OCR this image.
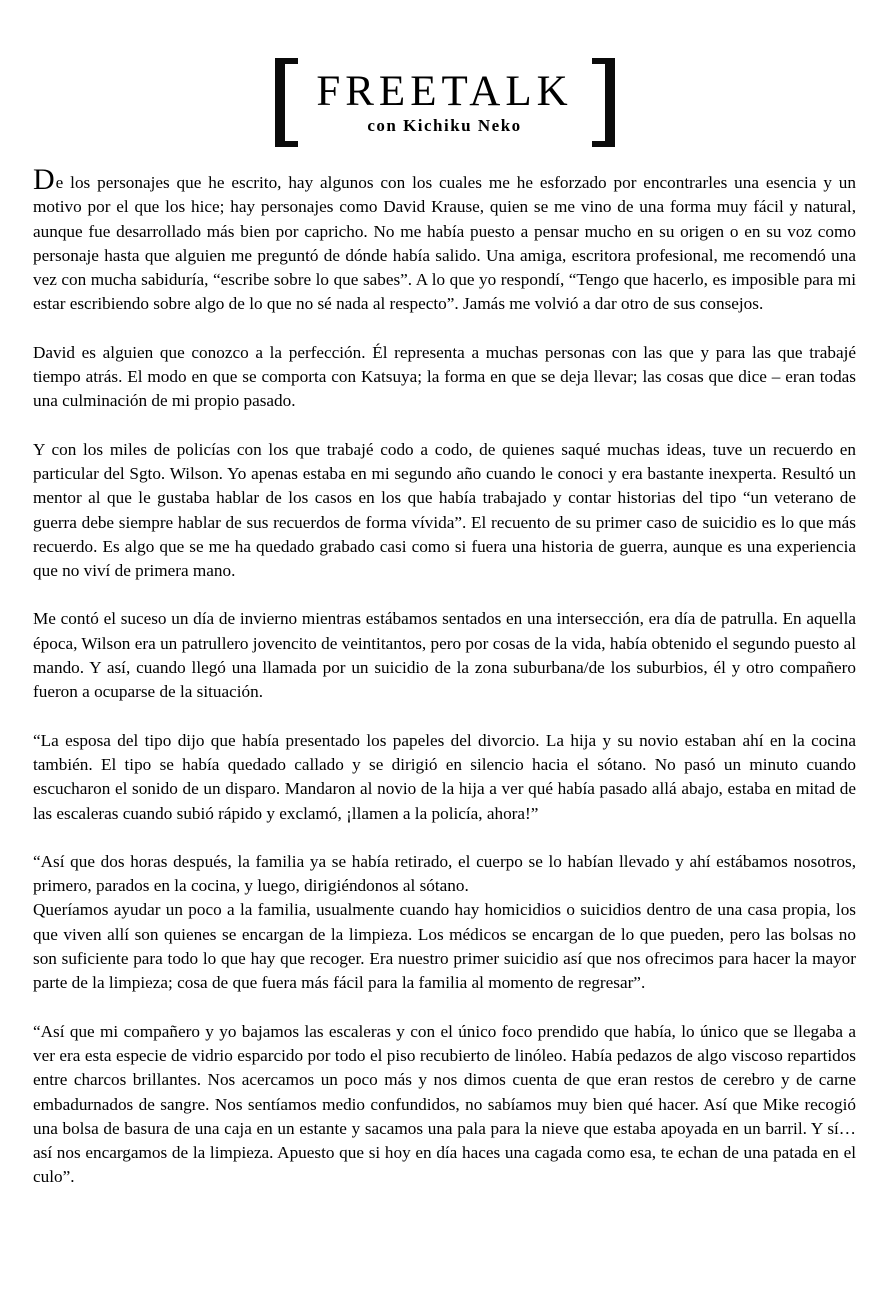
FREETALK
con Kichiku Neko

De los personajes que he escrito, hay algunos con los cuales me he esforzado por encontrarles una esencia y un motivo por el que los hice; hay personajes como David Krause, quien se me vino de una forma muy fácil y natural, aunque fue desarrollado más bien por capricho. No me había puesto a pensar mucho en su origen o en su voz como personaje hasta que alguien me preguntó de dónde había salido. Una amiga, escritora profesional, me recomendó una vez con mucha sabiduría, “escribe sobre lo que sabes”. A lo que yo respondí, “Tengo que hacerlo, es imposible para mi estar escribiendo sobre algo de lo que no sé nada al respecto”. Jamás me volvió a dar otro de sus consejos.

David es alguien que conozco a la perfección. Él representa a muchas personas con las que y para las que trabajé tiempo atrás. El modo en que se comporta con Katsuya; la forma en que se deja llevar; las cosas que dice – eran todas una culminación de mi propio pasado.

Y con los miles de policías con los que trabajé codo a codo, de quienes saqué muchas ideas, tuve un recuerdo en particular del Sgto. Wilson. Yo apenas estaba en mi segundo año cuando le conoci y era bastante inexperta. Resultó un mentor al que le gustaba hablar de los casos en los que había trabajado y contar historias del tipo “un veterano de guerra debe siempre hablar de sus recuerdos de forma vívida”. El recuento de su primer caso de suicidio es lo que más recuerdo. Es algo que se me ha quedado grabado casi como si fuera una historia de guerra, aunque es una experiencia que no viví de primera mano.

Me contó el suceso un día de invierno mientras estábamos sentados en una intersección, era día de patrulla. En aquella época, Wilson era un patrullero jovencito de veintitantos, pero por cosas de la vida, había obtenido el segundo puesto al mando. Y así, cuando llegó una llamada por un suicidio de la zona suburbana/de los suburbios, él y otro compañero fueron a ocuparse de la situación.

“La esposa del tipo dijo que había presentado los papeles del divorcio. La hija y su novio estaban ahí en la cocina también. El tipo se había quedado callado y se dirigió en silencio hacia el sótano. No pasó un minuto cuando escucharon el sonido de un disparo. Mandaron al novio de la hija a ver qué había pasado allá abajo, estaba en mitad de las escaleras cuando subió rápido y exclamó, ¡llamen a la policía, ahora!”

“Así que dos horas después, la familia ya se había retirado, el cuerpo se lo habían llevado y ahí estábamos nosotros, primero, parados en la cocina, y luego, dirigiéndonos al sótano.

Queríamos ayudar un poco a la familia, usualmente cuando hay homicidios o suicidios dentro de una casa propia, los que viven allí son quienes se encargan de la limpieza. Los médicos se encargan de lo que pueden, pero las bolsas no son suficiente para todo lo que hay que recoger. Era nuestro primer suicidio así que nos ofrecimos para hacer la mayor parte de la limpieza; cosa de que fuera más fácil para la familia al momento de regresar”.

“Así que mi compañero y yo bajamos las escaleras y con el único foco prendido que había, lo único que se llegaba a ver era esta especie de vidrio esparcido por todo el piso recubierto de linóleo. Había pedazos de algo viscoso repartidos entre charcos brillantes. Nos acercamos un poco más y nos dimos cuenta de que eran restos de cerebro y de carne embadurnados de sangre. Nos sentíamos medio confundidos, no sabíamos muy bien qué hacer. Así que Mike recogió una bolsa de basura de una caja en un estante y sacamos una pala para la nieve que estaba apoyada en un barril. Y sí… así nos encargamos de la limpieza. Apuesto que si hoy en día haces una cagada como esa, te echan de una patada en el culo”.
